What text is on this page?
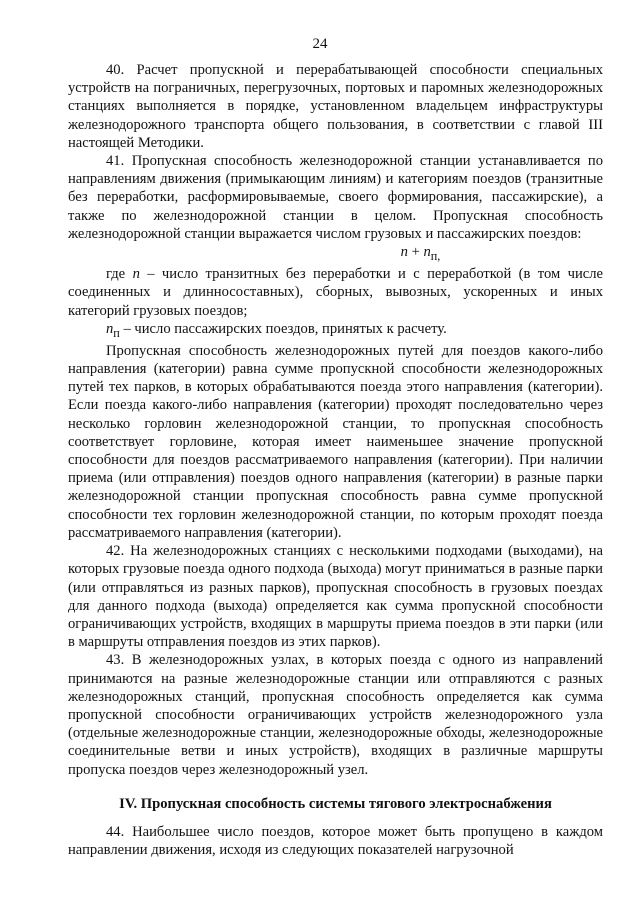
24

40. Расчет пропускной и перерабатывающей способности специальных устройств на пограничных, перегрузочных, портовых и паромных железнодорожных станциях выполняется в порядке, установленном владельцем инфраструктуры железнодорожного транспорта общего пользования, в соответствии с главой III настоящей Методики.

41. Пропускная способность железнодорожной станции устанавливается по направлениям движения (примыкающим линиям) и категориям поездов (транзитные без переработки, расформировываемые, своего формирования, пассажирские), а также по железнодорожной станции в целом. Пропускная способность железнодорожной станции выражается числом грузовых и пассажирских поездов:

$n + n_{п,}$

где n – число транзитных без переработки и с переработкой (в том числе соединенных и длинносоставных), сборных, вывозных, ускоренных и иных категорий грузовых поездов;

$n_п$ – число пассажирских поездов, принятых к расчету.

Пропускная способность железнодорожных путей для поездов какого-либо направления (категории) равна сумме пропускной способности железнодорожных путей тех парков, в которых обрабатываются поезда этого направления (категории). Если поезда какого-либо направления (категории) проходят последовательно через несколько горловин железнодорожной станции, то пропускная способность соответствует горловине, которая имеет наименьшее значение пропускной способности для поездов рассматриваемого направления (категории). При наличии приема (или отправления) поездов одного направления (категории) в разные парки железнодорожной станции пропускная способность равна сумме пропускной способности тех горловин железнодорожной станции, по которым проходят поезда рассматриваемого направления (категории).

42. На железнодорожных станциях с несколькими подходами (выходами), на которых грузовые поезда одного подхода (выхода) могут приниматься в разные парки (или отправляться из разных парков), пропускная способность в грузовых поездах для данного подхода (выхода) определяется как сумма пропускной способности ограничивающих устройств, входящих в маршруты приема поездов в эти парки (или в маршруты отправления поездов из этих парков).

43. В железнодорожных узлах, в которых поезда с одного из направлений принимаются на разные железнодорожные станции или отправляются с разных железнодорожных станций, пропускная способность определяется как сумма пропускной способности ограничивающих устройств железнодорожного узла (отдельные железнодорожные станции, железнодорожные обходы, железнодорожные соединительные ветви и иных устройств), входящих в различные маршруты пропуска поездов через железнодорожный узел.

IV. Пропускная способность системы тягового электроснабжения

44. Наибольшее число поездов, которое может быть пропущено в каждом направлении движения, исходя из следующих показателей нагрузочной
